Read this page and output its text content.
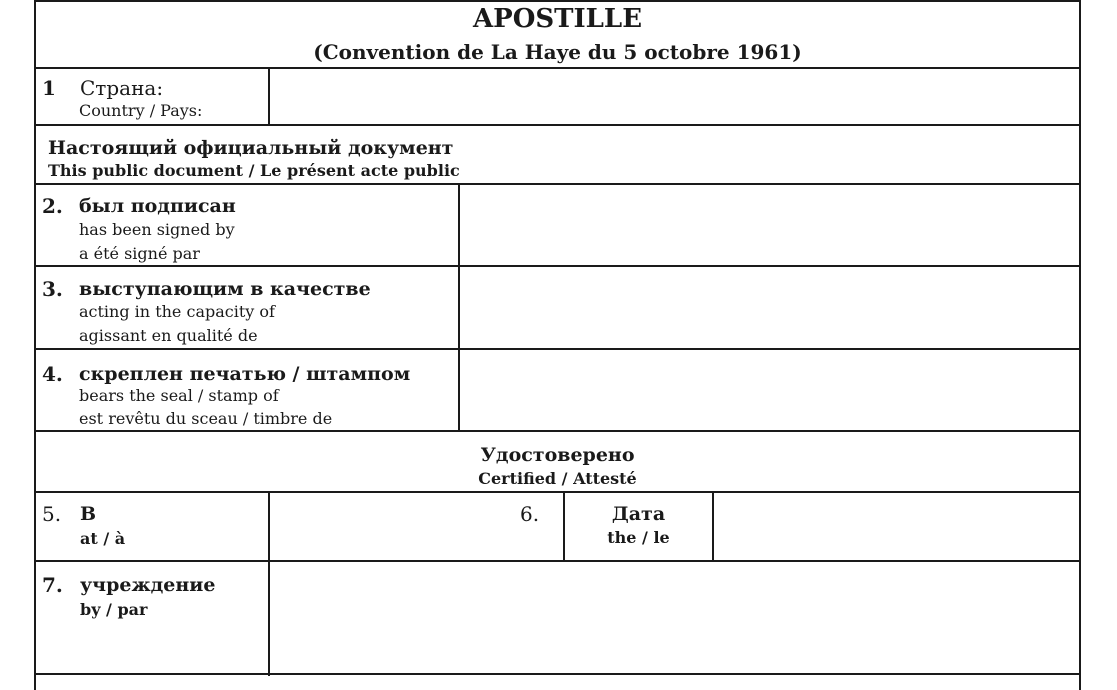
APOSTILLE
(Convention de La Haye du 5 octobre 1961)
1 Страна:
Country / Pays:
Настоящий официальный документ
This public document / Le présent acte public
2. был подписан
has been signed by
a été signé par
3. выступающим в качестве
acting in the capacity of
agissant en qualité de
4. скреплен печатью / штампом
bears the seal / stamp of
est revêtu du sceau / timbre de
Удостоверено
Certified / Attesté
5. В
at / à
6.	Дата
the / le
7. учреждение
by / par
